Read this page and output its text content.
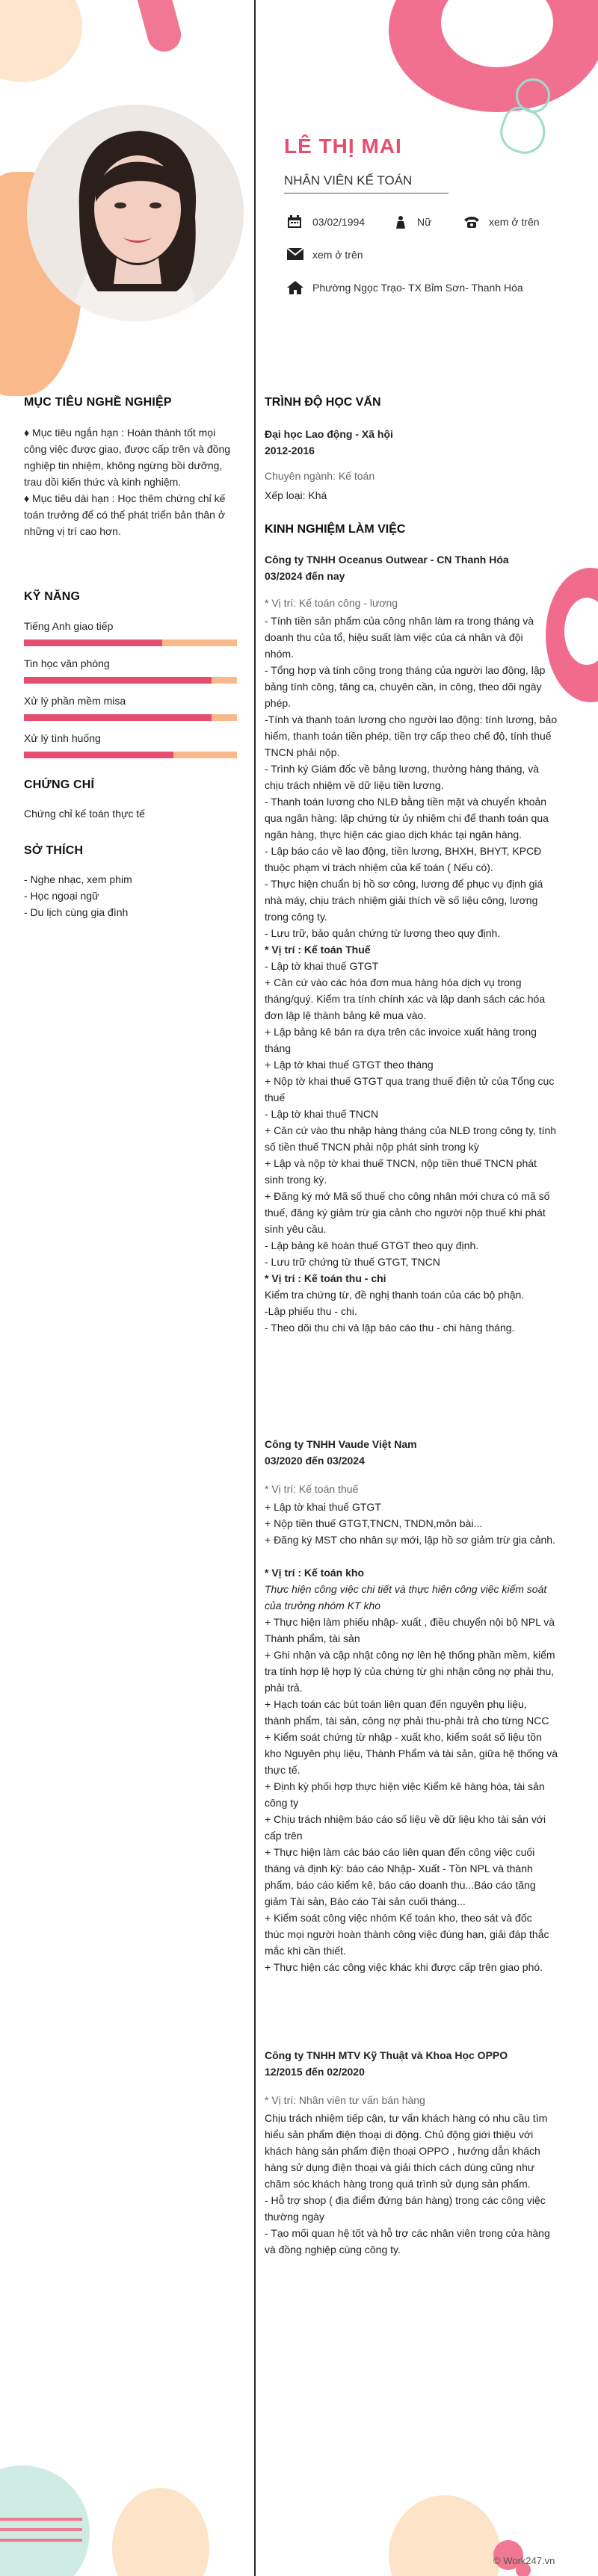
LÊ THỊ MAI
NHÂN VIÊN KẾ TOÁN
03/02/1994	Nữ	xem ở trên
xem ở trên
Phường Ngọc Trạo- TX Bỉm Sơn- Thanh Hóa
MỤC TIÊU NGHỀ NGHIỆP
♦ Mục tiêu ngắn hạn : Hoàn thành tốt mọi
công việc được giao, được cấp trên và đồng
nghiệp tin nhiệm, không ngừng bồi dưỡng,
trau dồi kiến thức và kinh nghiệm.
♦ Mục tiêu dài hạn : Học thêm chứng chỉ kế
toán trưởng để có thể phát triển bản thân ở
những vị trí cao hơn.
KỸ NĂNG
Tiếng Anh giao tiếp
Tin học văn phòng
Xử lý phần mềm misa
Xử lý tình huống
CHỨNG CHỈ
Chứng chỉ kế toán thực tế
SỞ THÍCH
- Nghe nhạc, xem phim
- Học ngoại ngữ
- Du lịch cùng gia đình
TRÌNH ĐỘ HỌC VẤN
Đại học Lao động - Xã hội
2012-2016
Chuyên ngành: Kế toán
Xếp loại: Khá
KINH NGHIỆM LÀM VIỆC
Công ty TNHH Oceanus Outwear - CN Thanh Hóa
03/2024 đến nay
* Vị trí: Kế toán công - lương
- Tính tiền sản phẩm của công nhân làm ra trong tháng và
doanh thu của tổ, hiệu suất làm việc của cá nhân và đội
nhóm.
- Tổng hợp và tính công trong tháng của người lao động, lập
bảng tính công, tăng ca, chuyên cần, in công, theo dõi ngày
phép.
-Tính và thanh toán lương cho người lao động: tính lương, bảo
hiểm, thanh toán tiền phép, tiền trợ cấp theo chế độ, tính thuế
TNCN phải nộp.
- Trình ký Giám đốc về bảng lương, thưởng hàng tháng, và
chịu trách nhiệm về dữ liệu tiền lương.
- Thanh toán lương cho NLĐ bằng tiền mặt và chuyển khoản
qua ngân hàng: lập chứng từ ủy nhiệm chi để thanh toán qua
ngân hàng, thực hiện các giao dịch khác tại ngân hàng.
- Lập báo cáo về lao động, tiền lương, BHXH, BHYT, KPCĐ
thuộc phạm vi trách nhiệm của kế toán ( Nếu có).
- Thực hiện chuẩn bị hồ sơ công, lương để phục vụ định giá
nhà máy, chịu trách nhiệm giải thích về số liệu công, lương
trong công ty.
- Lưu trữ, bảo quản chứng từ lương theo quy định.
* Vị trí : Kế toán Thuế
- Lập tờ khai thuế GTGT
+ Căn cứ vào các hóa đơn mua hàng hóa dịch vụ trong
tháng/quý. Kiểm tra tính chính xác và lập danh sách các hóa
đơn lập lệ thành bảng kê mua vào.
+ Lập bảng kê bán ra dựa trên các invoice xuất hàng trong
tháng
+ Lập tờ khai thuế GTGT theo tháng
+ Nộp tờ khai thuế GTGT qua trang thuế điện tử của Tổng cục
thuế
- Lập tờ khai thuế TNCN
+ Căn cứ vào thu nhập hàng tháng của NLĐ trong công ty, tính
số tiền thuế TNCN phải nộp phát sinh trong kỳ
+ Lập và nộp tờ khai thuế TNCN, nộp tiền thuế TNCN phát
sinh trong kỳ.
+ Đăng ký mở Mã số thuế cho công nhân mới chưa có mã số
thuế, đăng ký giảm trừ gia cảnh cho người nộp thuế khi phát
sinh yêu cầu.
- Lập bảng kê hoàn thuế GTGT theo quy định.
- Lưu trữ chứng từ thuế GTGT, TNCN
* Vị trí : Kế toán thu - chi
Kiểm tra chứng từ, đề nghị thanh toán của các bộ phận.
-Lập phiếu thu - chi.
- Theo dõi thu chi và lập báo cáo thu - chi hàng tháng.
Công ty TNHH Vaude Việt Nam
03/2020 đến 03/2024
* Vị trí: Kế toán thuế
+ Lập tờ khai thuế GTGT
+ Nộp tiền thuế GTGT,TNCN, TNDN,môn bài...
+ Đăng ký MST cho nhân sự mới, lập hồ sơ giảm trừ gia cảnh.

* Vị trí : Kế toán kho
Thực hiện công việc chi tiết và thực hiện công việc kiểm soát
của trưởng nhóm KT kho
+ Thực hiện làm phiếu nhập- xuất , điều chuyển nội bộ NPL và
Thành phẩm, tài sản
+ Ghi nhận và cập nhật công nợ lên hệ thống phần mềm, kiểm
tra tính hợp lệ hợp lý của chứng từ ghi nhận công nợ phải thu,
phải trả.
+ Hạch toán các bút toán liên quan đến nguyên phụ liệu,
thành phẩm, tài sản, công nợ phải thu-phải trả cho từng NCC
+ Kiểm soát chứng từ nhập - xuất kho, kiểm soát số liệu tồn
kho Nguyên phụ liệu, Thành Phẩm và tài sản, giữa hệ thống và
thực tế.
+ Định kỳ phối hợp thực hiện việc Kiểm kê hàng hóa, tài sản
công ty
+ Chịu trách nhiệm báo cáo số liệu về dữ liệu kho tài sản với
cấp trên
+ Thực hiện làm các báo cáo liên quan đến công việc cuối
tháng và định kỳ: báo cáo Nhập- Xuất - Tồn NPL và thành
phẩm, báo cáo kiểm kê, báo cáo doanh thu...Báo cáo tăng
giảm Tài sản, Báo cáo Tài sản cuối tháng...
+ Kiểm soát công việc nhóm Kế toán kho, theo sát và đốc
thúc mọi người hoàn thành công việc đúng hạn, giải đáp thắc
mắc khi cần thiết.
+ Thực hiện các công việc khác khi được cấp trên giao phó.
Công ty TNHH MTV Kỹ Thuật và Khoa Học OPPO
12/2015 đến 02/2020
* Vị trí: Nhân viên tư vấn bán hàng
Chịu trách nhiệm tiếp cận, tư vấn khách hàng có nhu cầu tìm
hiểu sản phẩm điện thoại di động. Chủ động giới thiệu với
khách hàng sản phẩm điện thoại OPPO , hướng dẫn khách
hàng sử dụng điện thoại và giải thích cách dùng cũng như
chăm sóc khách hàng trong quá trình sử dụng sản phẩm.
- Hỗ trợ shop ( địa điểm đứng bán hàng) trong các công việc
thường ngày
- Tạo mối quan hệ tốt và hỗ trợ các nhân viên trong cửa hàng
và đồng nghiệp cùng công ty.
© Work247.vn
